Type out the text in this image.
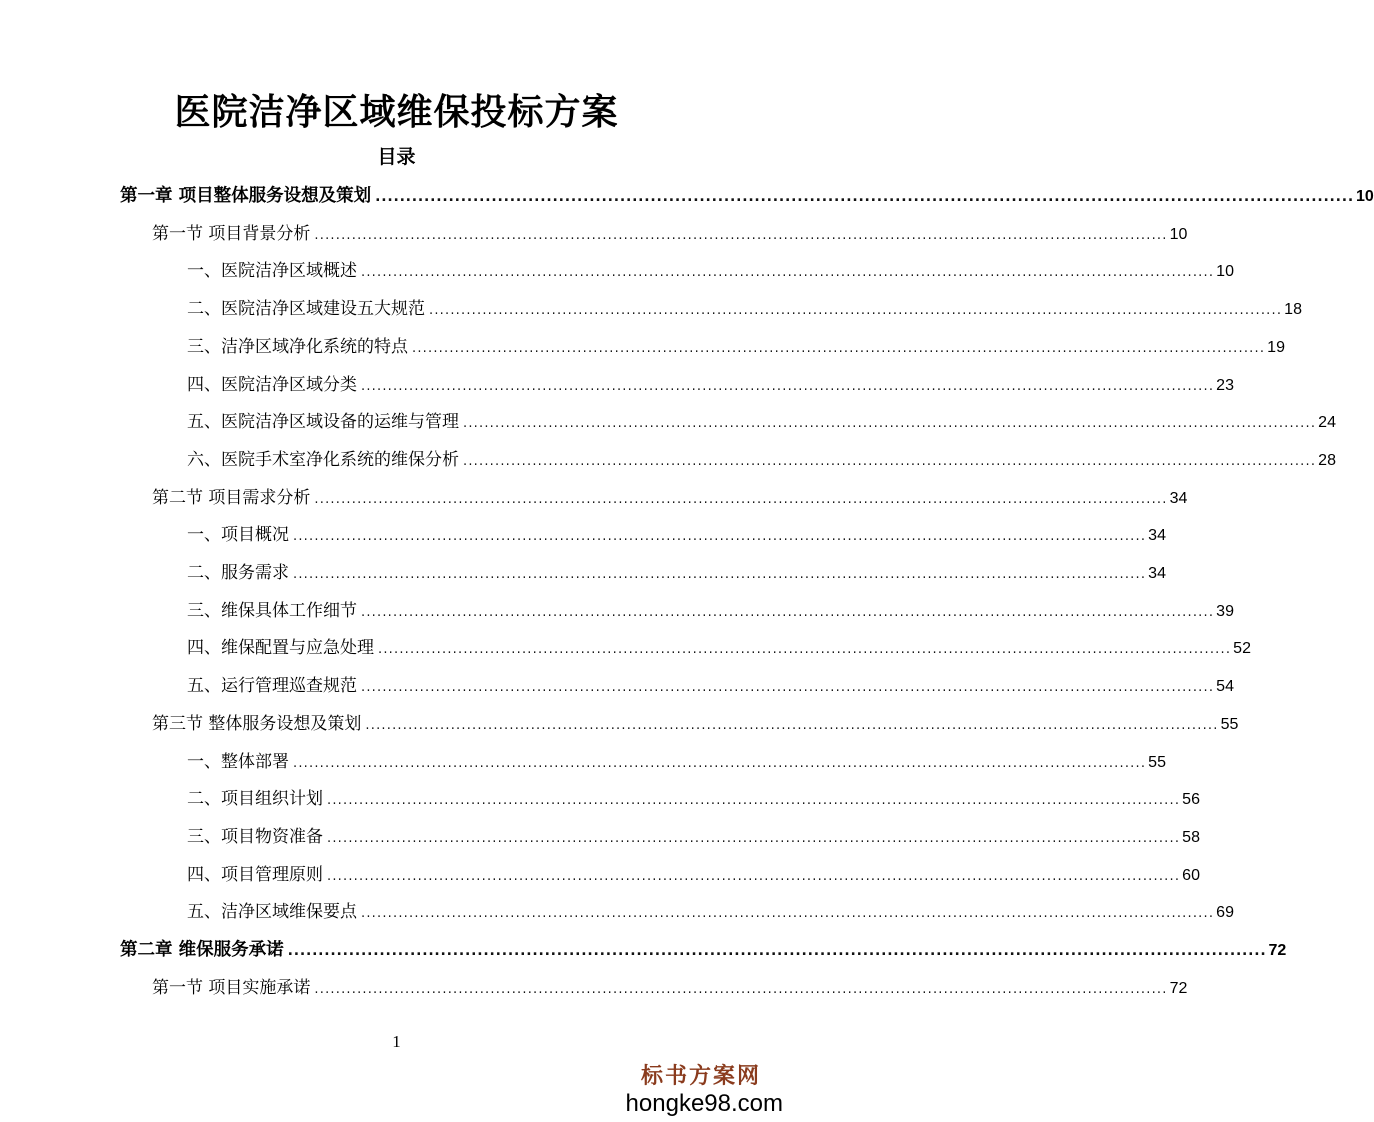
医院洁净区域维保投标方案
目录
第一章 项目整体服务设想及策划 ................................................................................................................................................................ 10
第一节 项目背景分析 ................................................................................................................................................................ 10
一、医院洁净区域概述 ................................................................................................................................................................ 10
二、医院洁净区域建设五大规范 ................................................................................................................................................................ 18
三、洁净区域净化系统的特点 ................................................................................................................................................................ 19
四、医院洁净区域分类 ................................................................................................................................................................ 23
五、医院洁净区域设备的运维与管理 ................................................................................................................................................................ 24
六、医院手术室净化系统的维保分析 ................................................................................................................................................................ 28
第二节 项目需求分析 ................................................................................................................................................................ 34
一、项目概况 ................................................................................................................................................................ 34
二、服务需求 ................................................................................................................................................................ 34
三、维保具体工作细节 ................................................................................................................................................................ 39
四、维保配置与应急处理 ................................................................................................................................................................ 52
五、运行管理巡查规范 ................................................................................................................................................................ 54
第三节 整体服务设想及策划 ................................................................................................................................................................ 55
一、整体部署 ................................................................................................................................................................ 55
二、项目组织计划 ................................................................................................................................................................ 56
三、项目物资准备 ................................................................................................................................................................ 58
四、项目管理原则 ................................................................................................................................................................ 60
五、洁净区域维保要点 ................................................................................................................................................................ 69
第二章 维保服务承诺 ................................................................................................................................................................ 72
第一节 项目实施承诺 ................................................................................................................................................................ 72
1
标书方案网
hongke98.com
